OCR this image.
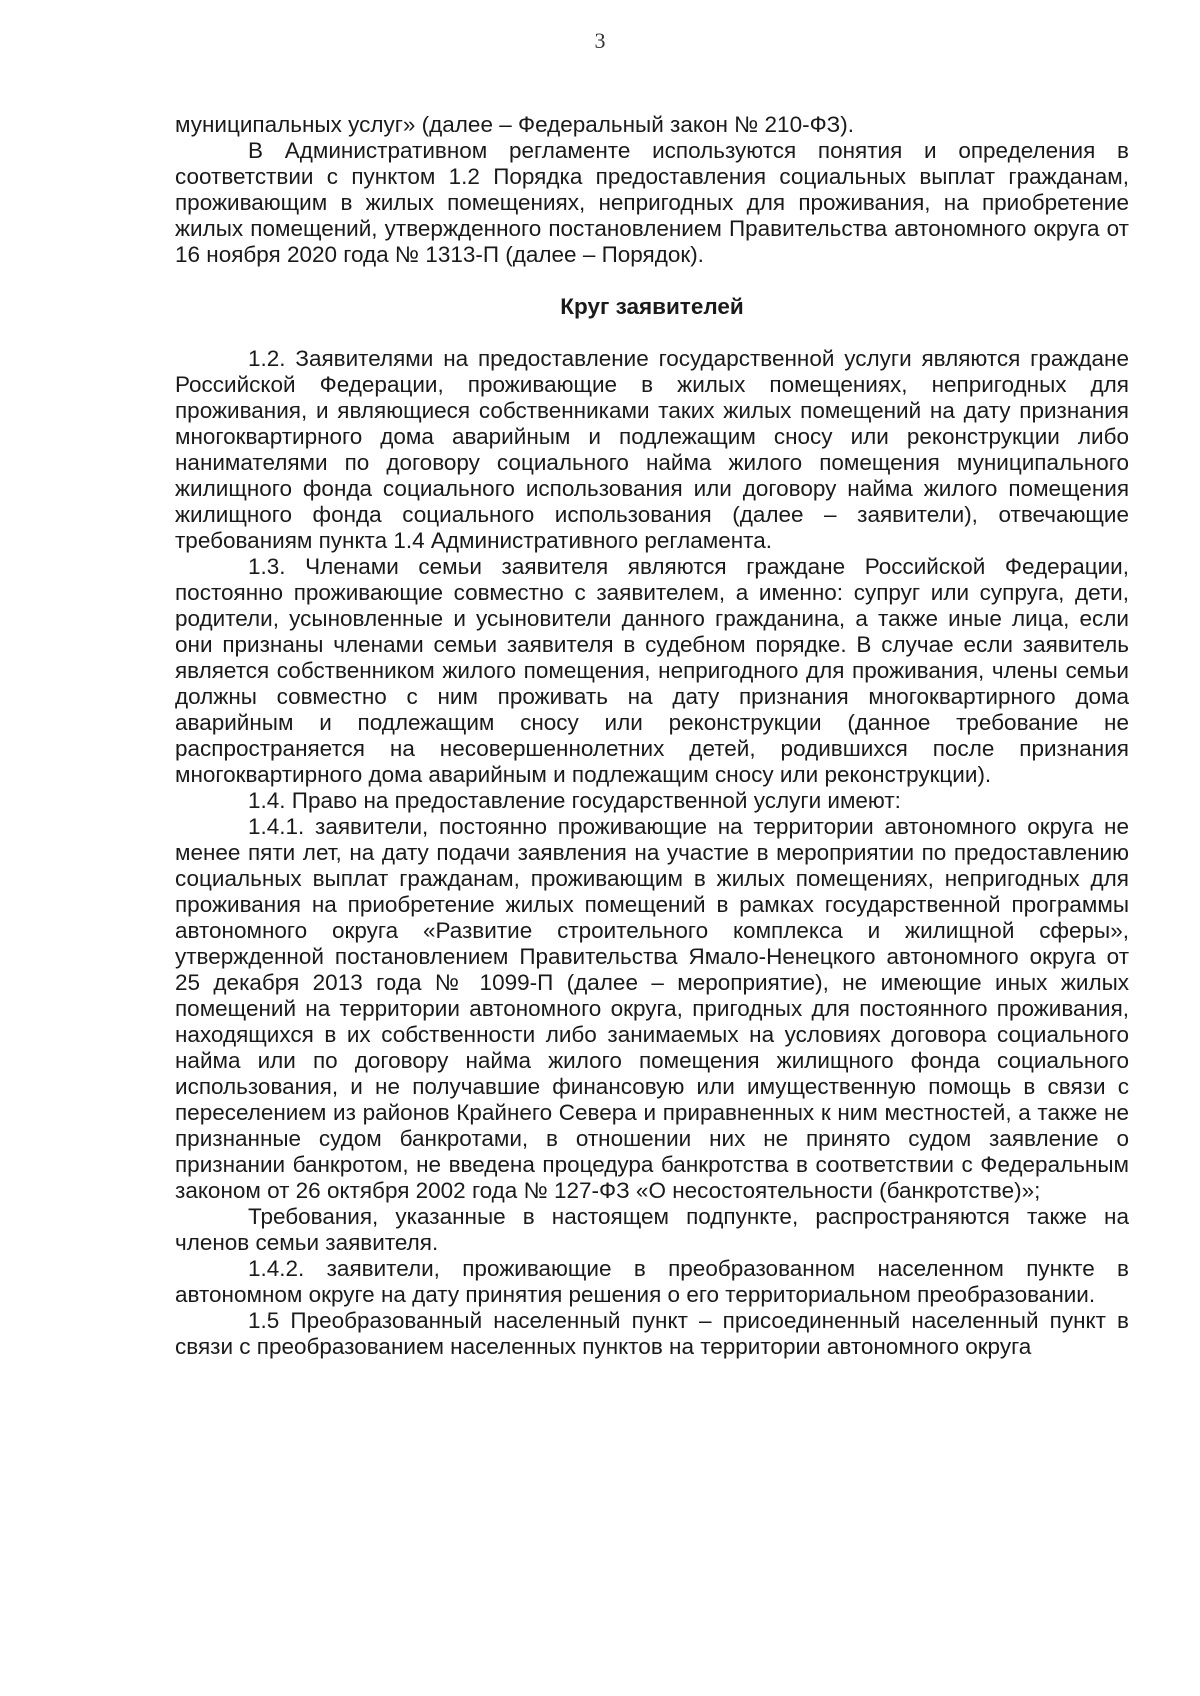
3

муниципальных услуг» (далее – Федеральный закон № 210-ФЗ).

В Административном регламенте используются понятия и определения в соответствии с пунктом 1.2 Порядка предоставления социальных выплат гражданам, проживающим в жилых помещениях, непригодных для проживания, на приобретение жилых помещений, утвержденного постановлением Правительства автономного округа от 16 ноября 2020 года № 1313-П (далее – Порядок).

Круг заявителей

1.2. Заявителями на предоставление государственной услуги являются граждане Российской Федерации, проживающие в жилых помещениях, непригодных для проживания, и являющиеся собственниками таких жилых помещений на дату признания многоквартирного дома аварийным и подлежащим сносу или реконструкции либо нанимателями по договору социального найма жилого помещения муниципального жилищного фонда социального использования или договору найма жилого помещения жилищного фонда социального использования (далее – заявители), отвечающие требованиям пункта 1.4 Административного регламента.

1.3. Членами семьи заявителя являются граждане Российской Федерации, постоянно проживающие совместно с заявителем, а именно: супруг или супруга, дети, родители, усыновленные и усыновители данного гражданина, а также иные лица, если они признаны членами семьи заявителя в судебном порядке. В случае если заявитель является собственником жилого помещения, непригодного для проживания, члены семьи должны совместно с ним проживать на дату признания многоквартирного дома аварийным и подлежащим сносу или реконструкции (данное требование не распространяется на несовершеннолетних детей, родившихся после признания многоквартирного дома аварийным и подлежащим сносу или реконструкции).

1.4. Право на предоставление государственной услуги имеют:

1.4.1. заявители, постоянно проживающие на территории автономного округа не менее пяти лет, на дату подачи заявления на участие в мероприятии по предоставлению социальных выплат гражданам, проживающим в жилых помещениях, непригодных для проживания на приобретение жилых помещений в рамках государственной программы автономного округа «Развитие строительного комплекса и жилищной сферы», утвержденной постановлением Правительства Ямало-Ненецкого автономного округа от 25 декабря 2013 года № 1099-П (далее – мероприятие), не имеющие иных жилых помещений на территории автономного округа, пригодных для постоянного проживания, находящихся в их собственности либо занимаемых на условиях договора социального найма или по договору найма жилого помещения жилищного фонда социального использования, и не получавшие финансовую или имущественную помощь в связи с переселением из районов Крайнего Севера и приравненных к ним местностей, а также не признанные судом банкротами, в отношении них не принято судом заявление о признании банкротом, не введена процедура банкротства в соответствии с Федеральным законом от 26 октября 2002 года № 127-ФЗ «О несостоятельности (банкротстве)»;

Требования, указанные в настоящем подпункте, распространяются также на членов семьи заявителя.

1.4.2. заявители, проживающие в преобразованном населенном пункте в автономном округе на дату принятия решения о его территориальном преобразовании.

1.5 Преобразованный населенный пункт – присоединенный населенный пункт в связи с преобразованием населенных пунктов на территории автономного округа
